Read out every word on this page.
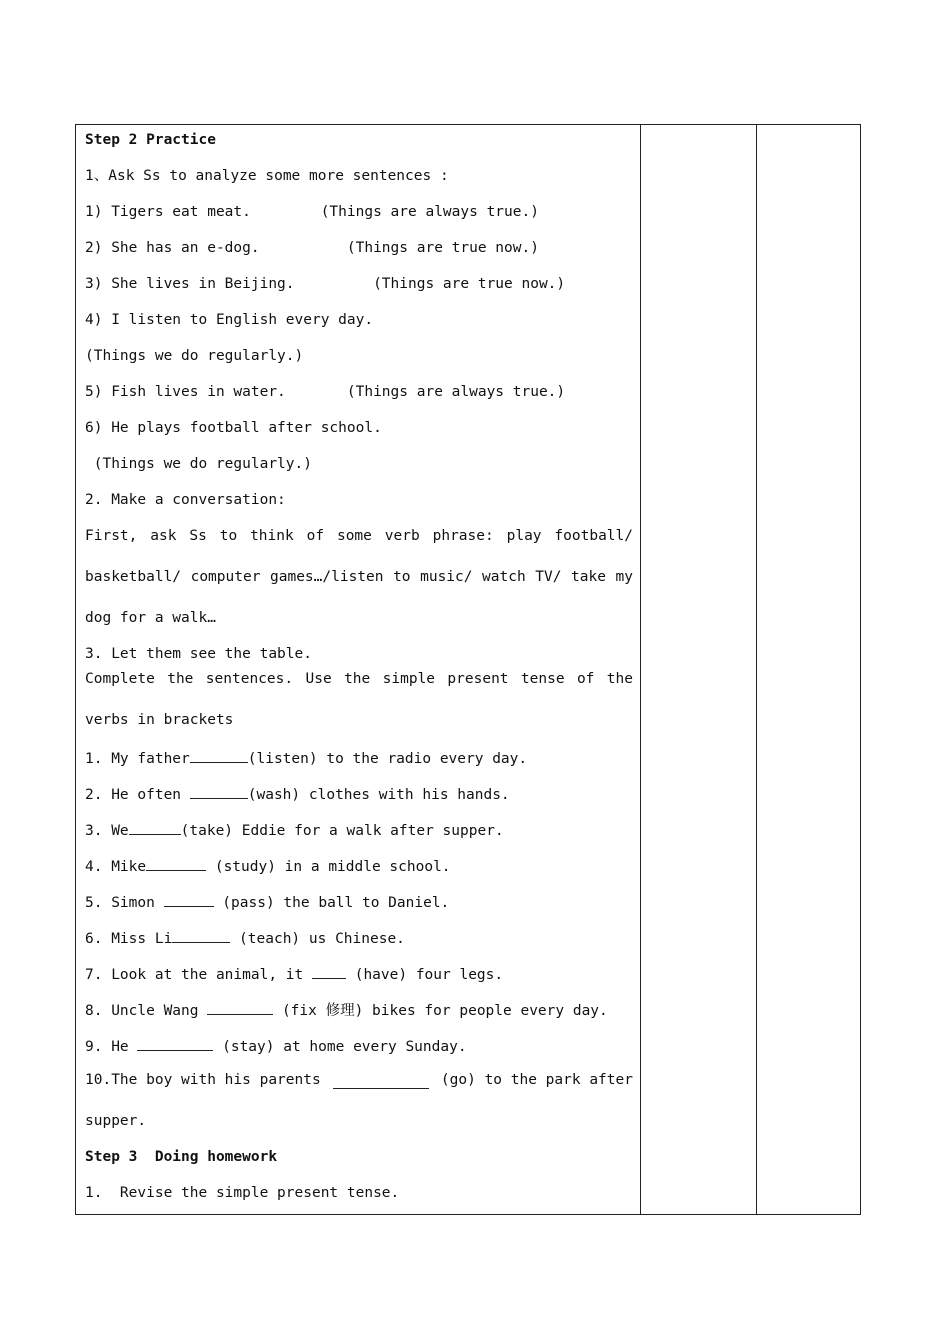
Step 2 Practice
1、Ask Ss to analyze some more sentences :
1) Tigers eat meat.        (Things are always true.)
2) She has an e-dog.          (Things are true now.)
3) She lives in Beijing.         (Things are true now.)
4) I listen to English every day.
(Things we do regularly.)
5) Fish lives in water.       (Things are always true.)
6) He plays football after school.
(Things we do regularly.)
2. Make a conversation:
First, ask Ss to think of some verb phrase: play football/
basketball/ computer games…/listen to music/ watch TV/ take my
dog for a walk…
3. Let them see the table.
Complete the sentences. Use the simple present tense of the
verbs in brackets
1. My father	(listen) to the radio every day.
2. He often	(wash) clothes with his hands.
3. We	(take) Eddie for a walk after supper.
4. Mike	(study) in a middle school.
5. Simon	(pass) the ball to Daniel.
6. Miss Li	(teach) us Chinese.
7. Look at the animal, it  (have) four legs.
8. Uncle Wang	(fix 修理) bikes for people every day.
9. He	(stay) at home every Sunday.
10.The boy with his parents	(go) to the park after
supper.
Step 3  Doing homework
1.  Revise the simple present tense.
